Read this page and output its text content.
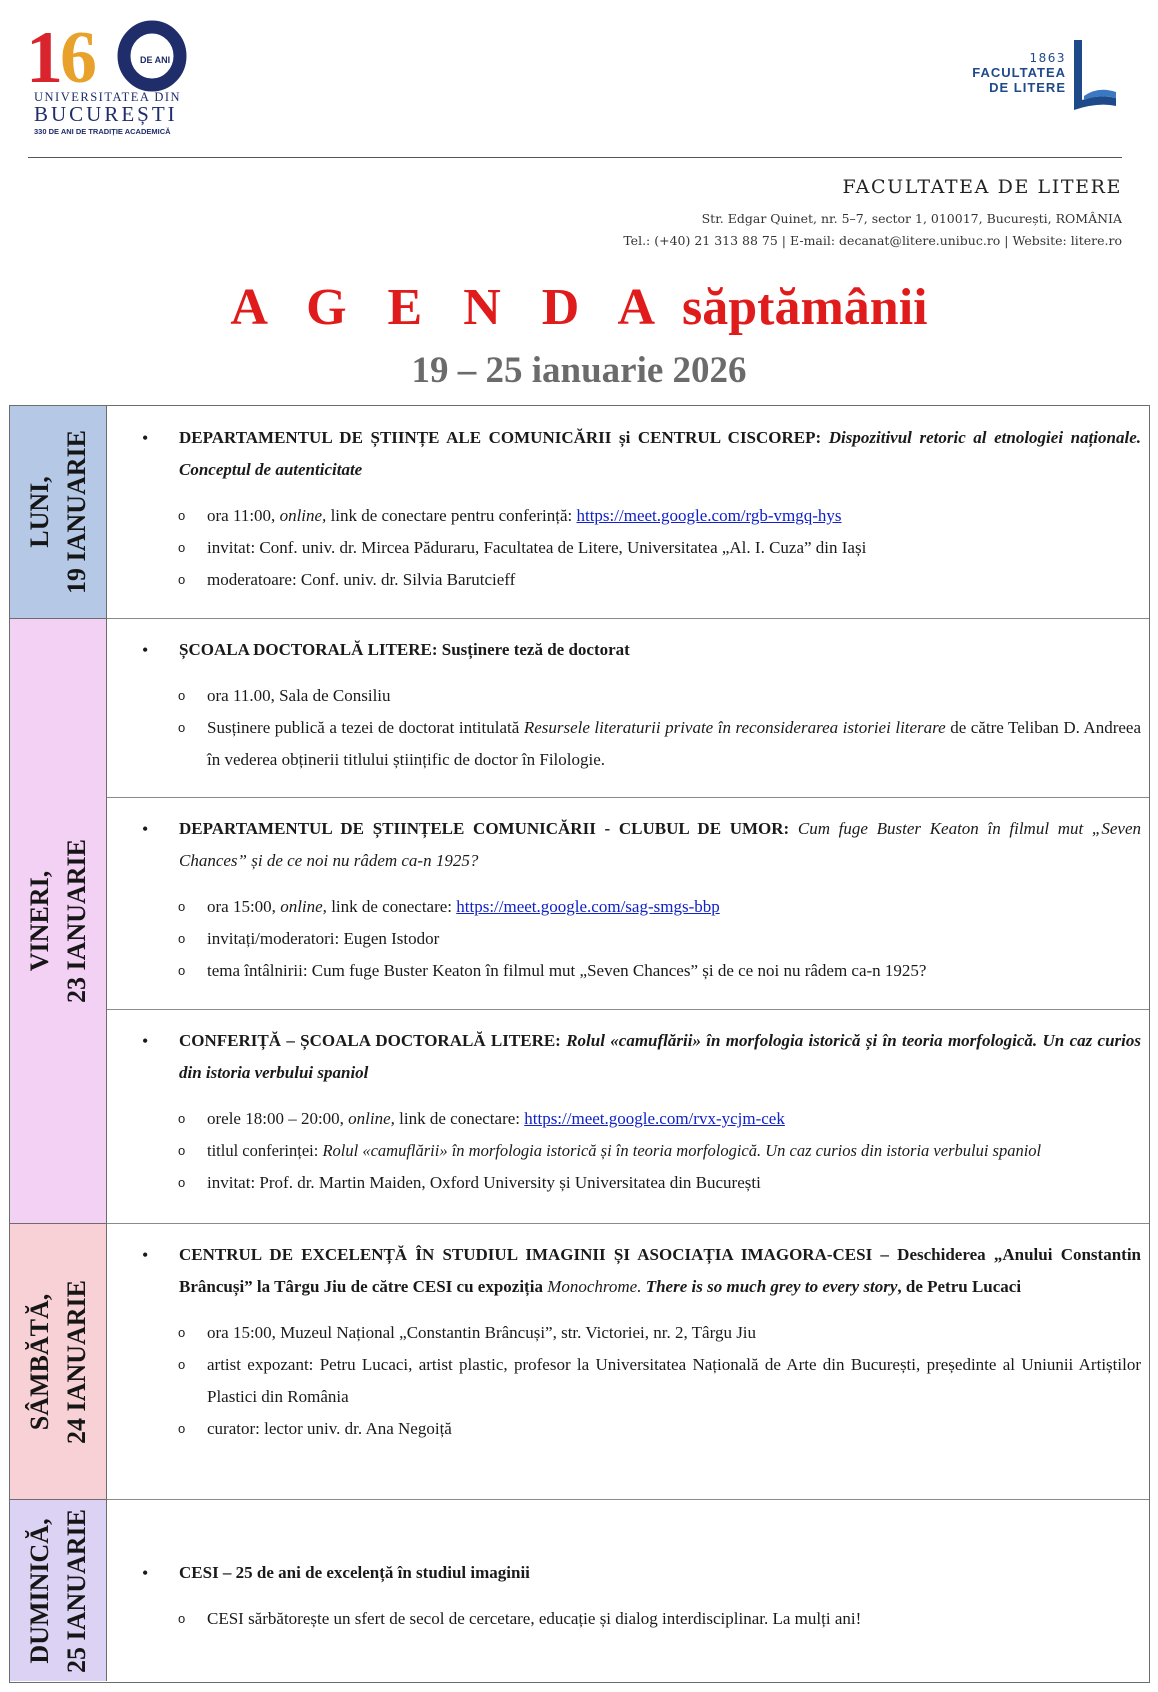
1
6	DE ANI
UNIVERSITATEA DIN
BUCUREȘTI
330 DE ANI DE TRADIȚIE ACADEMICĂ
1863
FACULTATEA
DE LITERE
FACULTATEA DE LITERE
Str. Edgar Quinet, nr. 5–7, sector 1, 010017, București, ROMÂNIA
Tel.: (+40) 21 313 88 75 | E-mail: decanat@litere.unibuc.ro | Website: litere.ro
A G E N D A săptămânii
19 – 25 ianuarie 2026
LUNI, 19 IANUARIE
VINERI, 23 IANUARIE
SÂMBĂTĂ, 24 IANUARIE
DUMINICĂ, 25 IANUARIE

• DEPARTAMENTUL DE ȘTIINȚE ALE COMUNICĂRII și CENTRUL CISCOREP: Dispozitivul retoric al etnologiei naționale. Conceptul de autenticitate

o ora 11:00, online, link de conectare pentru conferință: https://meet.google.com/rgb-vmgq-hys
o invitat: Conf. univ. dr. Mircea Păduraru, Facultatea de Litere, Universitatea „Al. I. Cuza” din Iași
o moderatoare: Conf. univ. dr. Silvia Barutcieff

• ȘCOALA DOCTORALĂ LITERE: Susținere teză de doctorat

o ora 11.00, Sala de Consiliu
o Susținere publică a tezei de doctorat intitulată Resursele literaturii private în reconsiderarea istoriei literare de către Teliban D. Andreea în vederea obținerii titlului științific de doctor în Filologie.

• DEPARTAMENTUL DE ȘTIINȚELE COMUNICĂRII - CLUBUL DE UMOR: Cum fuge Buster Keaton în filmul mut „Seven Chances” și de ce noi nu râdem ca-n 1925?

o ora 15:00, online, link de conectare: https://meet.google.com/sag-smgs-bbp
o invitați/moderatori: Eugen Istodor
o tema întâlnirii: Cum fuge Buster Keaton în filmul mut „Seven Chances” și de ce noi nu râdem ca-n 1925?

• CONFERIȚĂ – ȘCOALA DOCTORALĂ LITERE: Rolul «camuflării» în morfologia istorică și în teoria morfologică. Un caz curios din istoria verbului spaniol

o orele 18:00 – 20:00, online, link de conectare: https://meet.google.com/rvx-ycjm-cek
o titlul conferinței: Rolul «camuflării» în morfologia istorică și în teoria morfologică. Un caz curios din istoria verbului spaniol
o invitat: Prof. dr. Martin Maiden, Oxford University și Universitatea din București

• CENTRUL DE EXCELENȚĂ ÎN STUDIUL IMAGINII ȘI ASOCIAȚIA IMAGORA-CESI – Deschiderea „Anului Constantin Brâncuși” la Târgu Jiu de către CESI cu expoziția Monochrome. There is so much grey to every story, de Petru Lucaci

o ora 15:00, Muzeul Național „Constantin Brâncuși”, str. Victoriei, nr. 2, Târgu Jiu
o artist expozant: Petru Lucaci, artist plastic, profesor la Universitatea Națională de Arte din București, președinte al Uniunii Artiștilor Plastici din România
o curator: lector univ. dr. Ana Negoiță

• CESI – 25 de ani de excelență în studiul imaginii

o CESI sărbătorește un sfert de secol de cercetare, educație și dialog interdisciplinar. La mulți ani!
